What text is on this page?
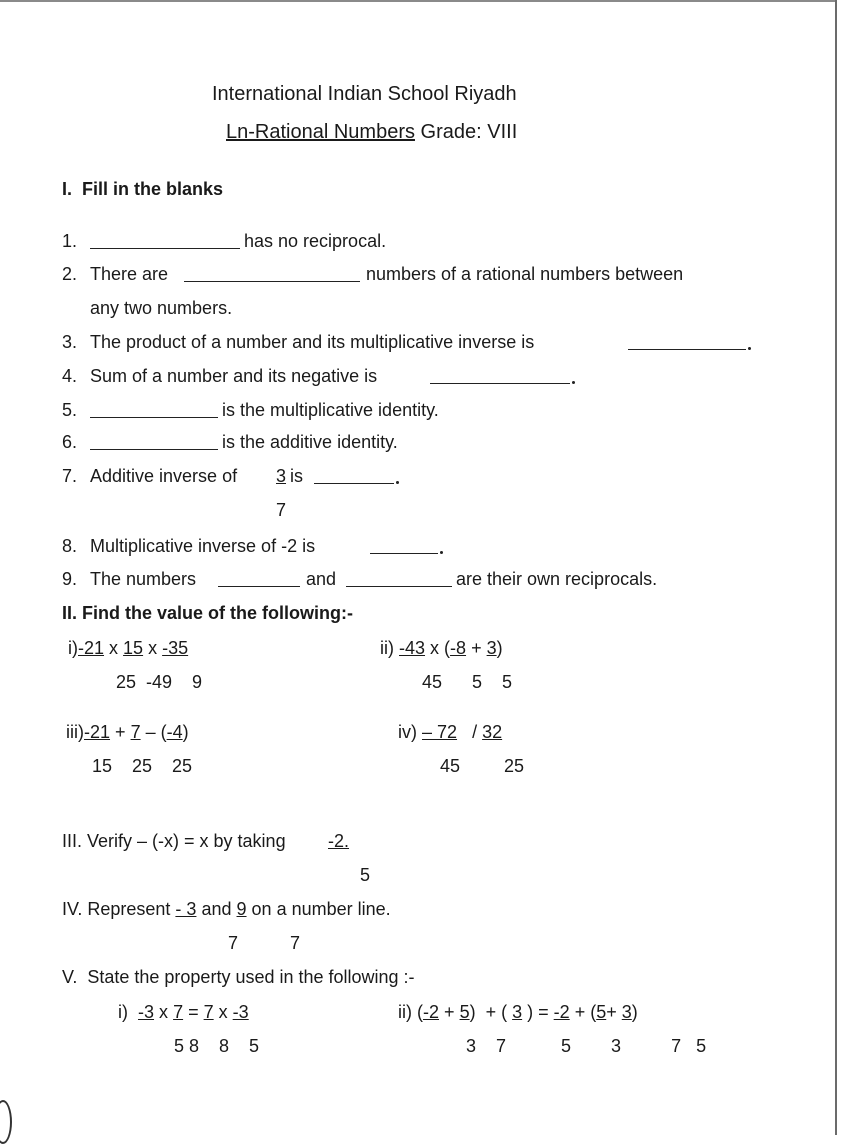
International Indian School Riyadh
Ln-Rational Numbers Grade: VIII
I.  Fill in the blanks
1.	has no reciprocal.
2. There are	numbers of a rational numbers between
any two numbers.
3. The product of a number and its multiplicative inverse is
4. Sum of a number and its negative is
5.	is the multiplicative identity.
6.	is the additive identity.
7. Additive inverse of 3 is
7
8. Multiplicative inverse of -2 is
9. The numbers	and	are their own reciprocals.
II. Find the value of the following:-
i)-21 x 15 x -35
25  -49    9
ii) -43 x (-8 + 3)
45      5    5
iii)-21 + 7 – (-4)
15    25    25
iv) – 72 / 32
45 25
III. Verify – (-x) = x by taking -2.
5
IV. Represent - 3 and 9 on a number line.
7	7
V.  State the property used in the following :-
i) -3 x 7 = 7 x -3
5 8    8    5
ii) (-2 + 5)  + ( 3 ) = -2 + (5+ 3)
3    7           5        3          7   5
